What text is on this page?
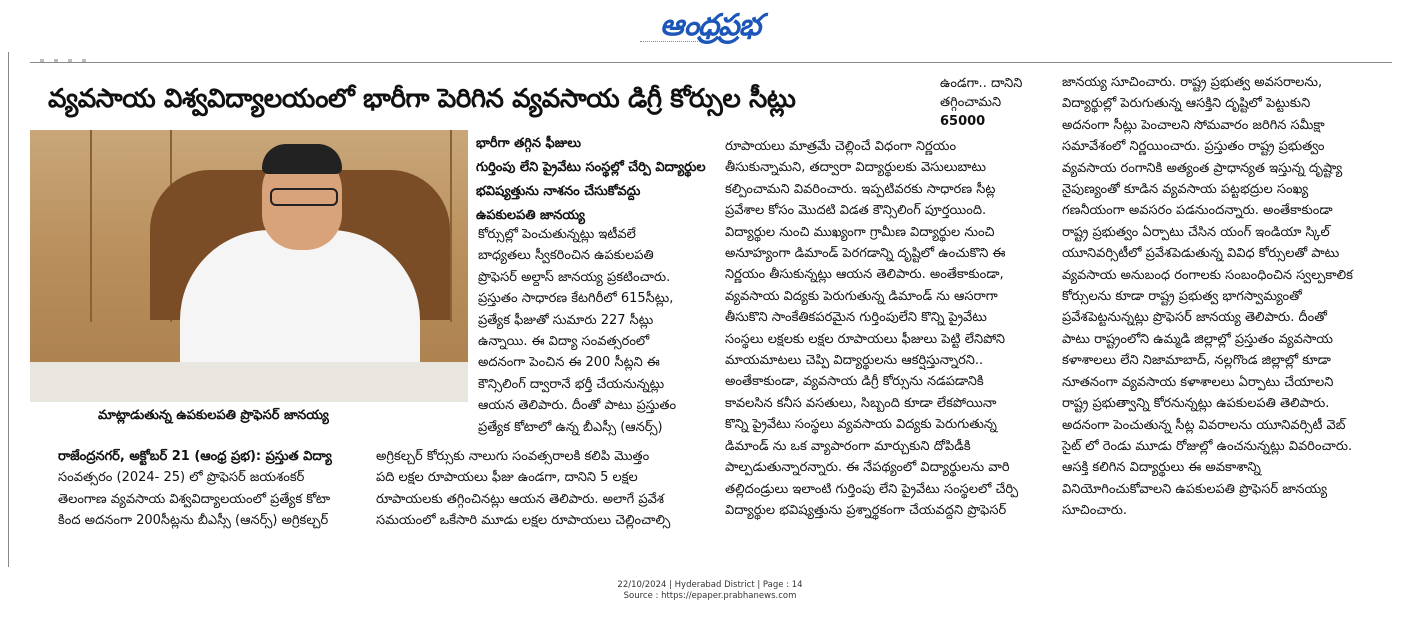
ఆంధ్రప్రభ
వ్యవసాయ విశ్వవిద్యాలయంలో భారీగా పెరిగిన వ్యవసాయ డిగ్రీ కోర్సుల సీట్లు
ఉండగా.. దానిని
తగ్గించామని
65000
మాట్లాడుతున్న ఉపకులపతి ప్రొఫెసర్ జానయ్య
భారీగా తగ్గిన ఫీజులు
గుర్తింపు లేని ప్రైవేటు సంస్థల్లో చేర్పి విద్యార్థుల
భవిష్యత్తును నాశనం చేసుకోవద్దు
ఉపకులపతి జానయ్య

కోర్సుల్లో పెంచుతున్నట్లు ఇటీవలే

బాధ్యతలు స్వీకరించిన ఉపకులపతి

ప్రొఫెసర్ అల్దాస్ జానయ్య ప్రకటించారు.

ప్రస్తుతం సాధారణ కేటగిరీలో 615సీట్లు,

ప్రత్యేక ఫీజుతో సుమారు 227 సీట్లు

ఉన్నాయి. ఈ విద్యా సంవత్సరంలో

అదనంగా పెంచిన ఈ 200 సీట్లని ఈ

కౌన్సిలింగ్ ద్వారానే భర్తీ చేయనున్నట్లు

ఆయన తెలిపారు. దీంతో పాటు ప్రస్తుతం

ప్రత్యేక కోటాలో ఉన్న బీఎస్సీ (ఆనర్స్)

రాజేంద్రనగర్, అక్టోబర్ 21 (ఆంధ్ర ప్రభ): ప్రస్తుత విద్యా

సంవత్సరం (2024- 25) లో ప్రొఫెసర్ జయశంకర్

తెలంగాణ వ్యవసాయ విశ్వవిద్యాలయంలో ప్రత్యేక కోటా

కింద అదనంగా 200సీట్లను బీఎస్సీ (ఆనర్స్) అగ్రికల్చర్

అగ్రికల్చర్ కోర్సుకు నాలుగు సంవత్సరాలకి కలిపి మొత్తం

పది లక్షల రూపాయలు ఫీజు ఉండగా, దానిని 5 లక్షల

రూపాయలకు తగ్గించినట్లు ఆయన తెలిపారు. అలాగే ప్రవేశ

సమయంలో ఒకేసారి మూడు లక్షల రూపాయలు చెల్లించాల్సి

రూపాయలు మాత్రమే చెల్లించే విధంగా నిర్ణయం

తీసుకున్నామని, తద్వారా విద్యార్థులకు వెసులుబాటు

కల్పించామని వివరించారు. ఇప్పటివరకు సాధారణ సీట్ల

ప్రవేశాల కోసం మొదటి విడత కౌన్సిలింగ్ పూర్తయింది.

విద్యార్థుల నుంచి ముఖ్యంగా గ్రామీణ విద్యార్థుల నుంచి

అనూహ్యంగా డిమాండ్ పెరగడాన్ని దృష్టిలో ఉంచుకొని ఈ

నిర్ణయం తీసుకున్నట్లు ఆయన తెలిపారు. అంతేకాకుండా,

వ్యవసాయ విద్యకు పెరుగుతున్న డిమాండ్ ను ఆసరాగా

తీసుకొని సాంకేతికపరమైన గుర్తింపులేని కొన్ని ప్రైవేటు

సంస్థలు లక్షలకు లక్షల రూపాయలు ఫీజులు పెట్టి లేనిపోని

మాయమాటలు చెప్పి విద్యార్థులను ఆకర్షిస్తున్నారని..

అంతేకాకుండా, వ్యవసాయ డిగ్రీ కోర్సును నడపడానికి

కావలసిన కనీస వసతులు, సిబ్బంది కూడా లేకపోయినా

కొన్ని ప్రైవేటు సంస్థలు వ్యవసాయ విద్యకు పెరుగుతున్న

డిమాండ్ ను ఒక వ్యాపారంగా మార్చుకుని దోపిడీకి

పాల్పడుతున్నారన్నారు. ఈ నేపథ్యంలో విద్యార్థులను వారి

తల్లిదండ్రులు ఇలాంటి గుర్తింపు లేని ప్రైవేటు సంస్థలలో చేర్పి

విద్యార్థుల భవిష్యత్తును ప్రశ్నార్థకంగా చేయవద్దని ప్రొఫెసర్

జానయ్య సూచించారు. రాష్ట్ర ప్రభుత్వ అవసరాలను,

విద్యార్థుల్లో పెరుగుతున్న ఆసక్తిని దృష్టిలో పెట్టుకుని

అదనంగా సీట్లు పెంచాలని సోమవారం జరిగిన సమీక్షా

సమావేశంలో నిర్ణయించారు. ప్రస్తుతం రాష్ట్ర ప్రభుత్వం

వ్యవసాయ రంగానికి అత్యంత ప్రాధాన్యత ఇస్తున్న దృష్ట్యా

నైపుణ్యంతో కూడిన వ్యవసాయ పట్టభద్రుల సంఖ్య

గణనీయంగా అవసరం పడనుందన్నారు. అంతేకాకుండా

రాష్ట్ర ప్రభుత్వం ఏర్పాటు చేసిన యంగ్ ఇండియా స్కిల్

యూనివర్సిటీలో ప్రవేశపెడుతున్న వివిధ కోర్సులతో పాటు

వ్యవసాయ అనుబంధ రంగాలకు సంబంధించిన స్వల్పకాలిక

కోర్సులను కూడా రాష్ట్ర ప్రభుత్వ భాగస్వామ్యంతో

ప్రవేశపెట్టనున్నట్లు ప్రొఫెసర్ జానయ్య తెలిపారు. దీంతో

పాటు రాష్ట్రంలోని ఉమ్మడి జిల్లాల్లో ప్రస్తుతం వ్యవసాయ

కళాశాలలు లేని నిజామాబాద్, నల్లగొండ జిల్లాల్లో కూడా

నూతనంగా వ్యవసాయ కళాశాలలు ఏర్పాటు చేయాలని

రాష్ట్ర ప్రభుత్వాన్ని కోరనున్నట్లు ఉపకులపతి తెలిపారు.

అదనంగా పెంచుతున్న సీట్ల వివరాలను యూనివర్సిటీ వెబ్

సైట్ లో రెండు మూడు రోజుల్లో ఉంచనున్నట్లు వివరించారు.

ఆసక్తి కలిగిన విద్యార్థులు ఈ అవకాశాన్ని

వినియోగించుకోవాలని ఉపకులపతి ప్రొఫెసర్ జానయ్య

సూచించారు.

22/10/2024 | Hyderabad District | Page : 14
Source : https://epaper.prabhanews.com
